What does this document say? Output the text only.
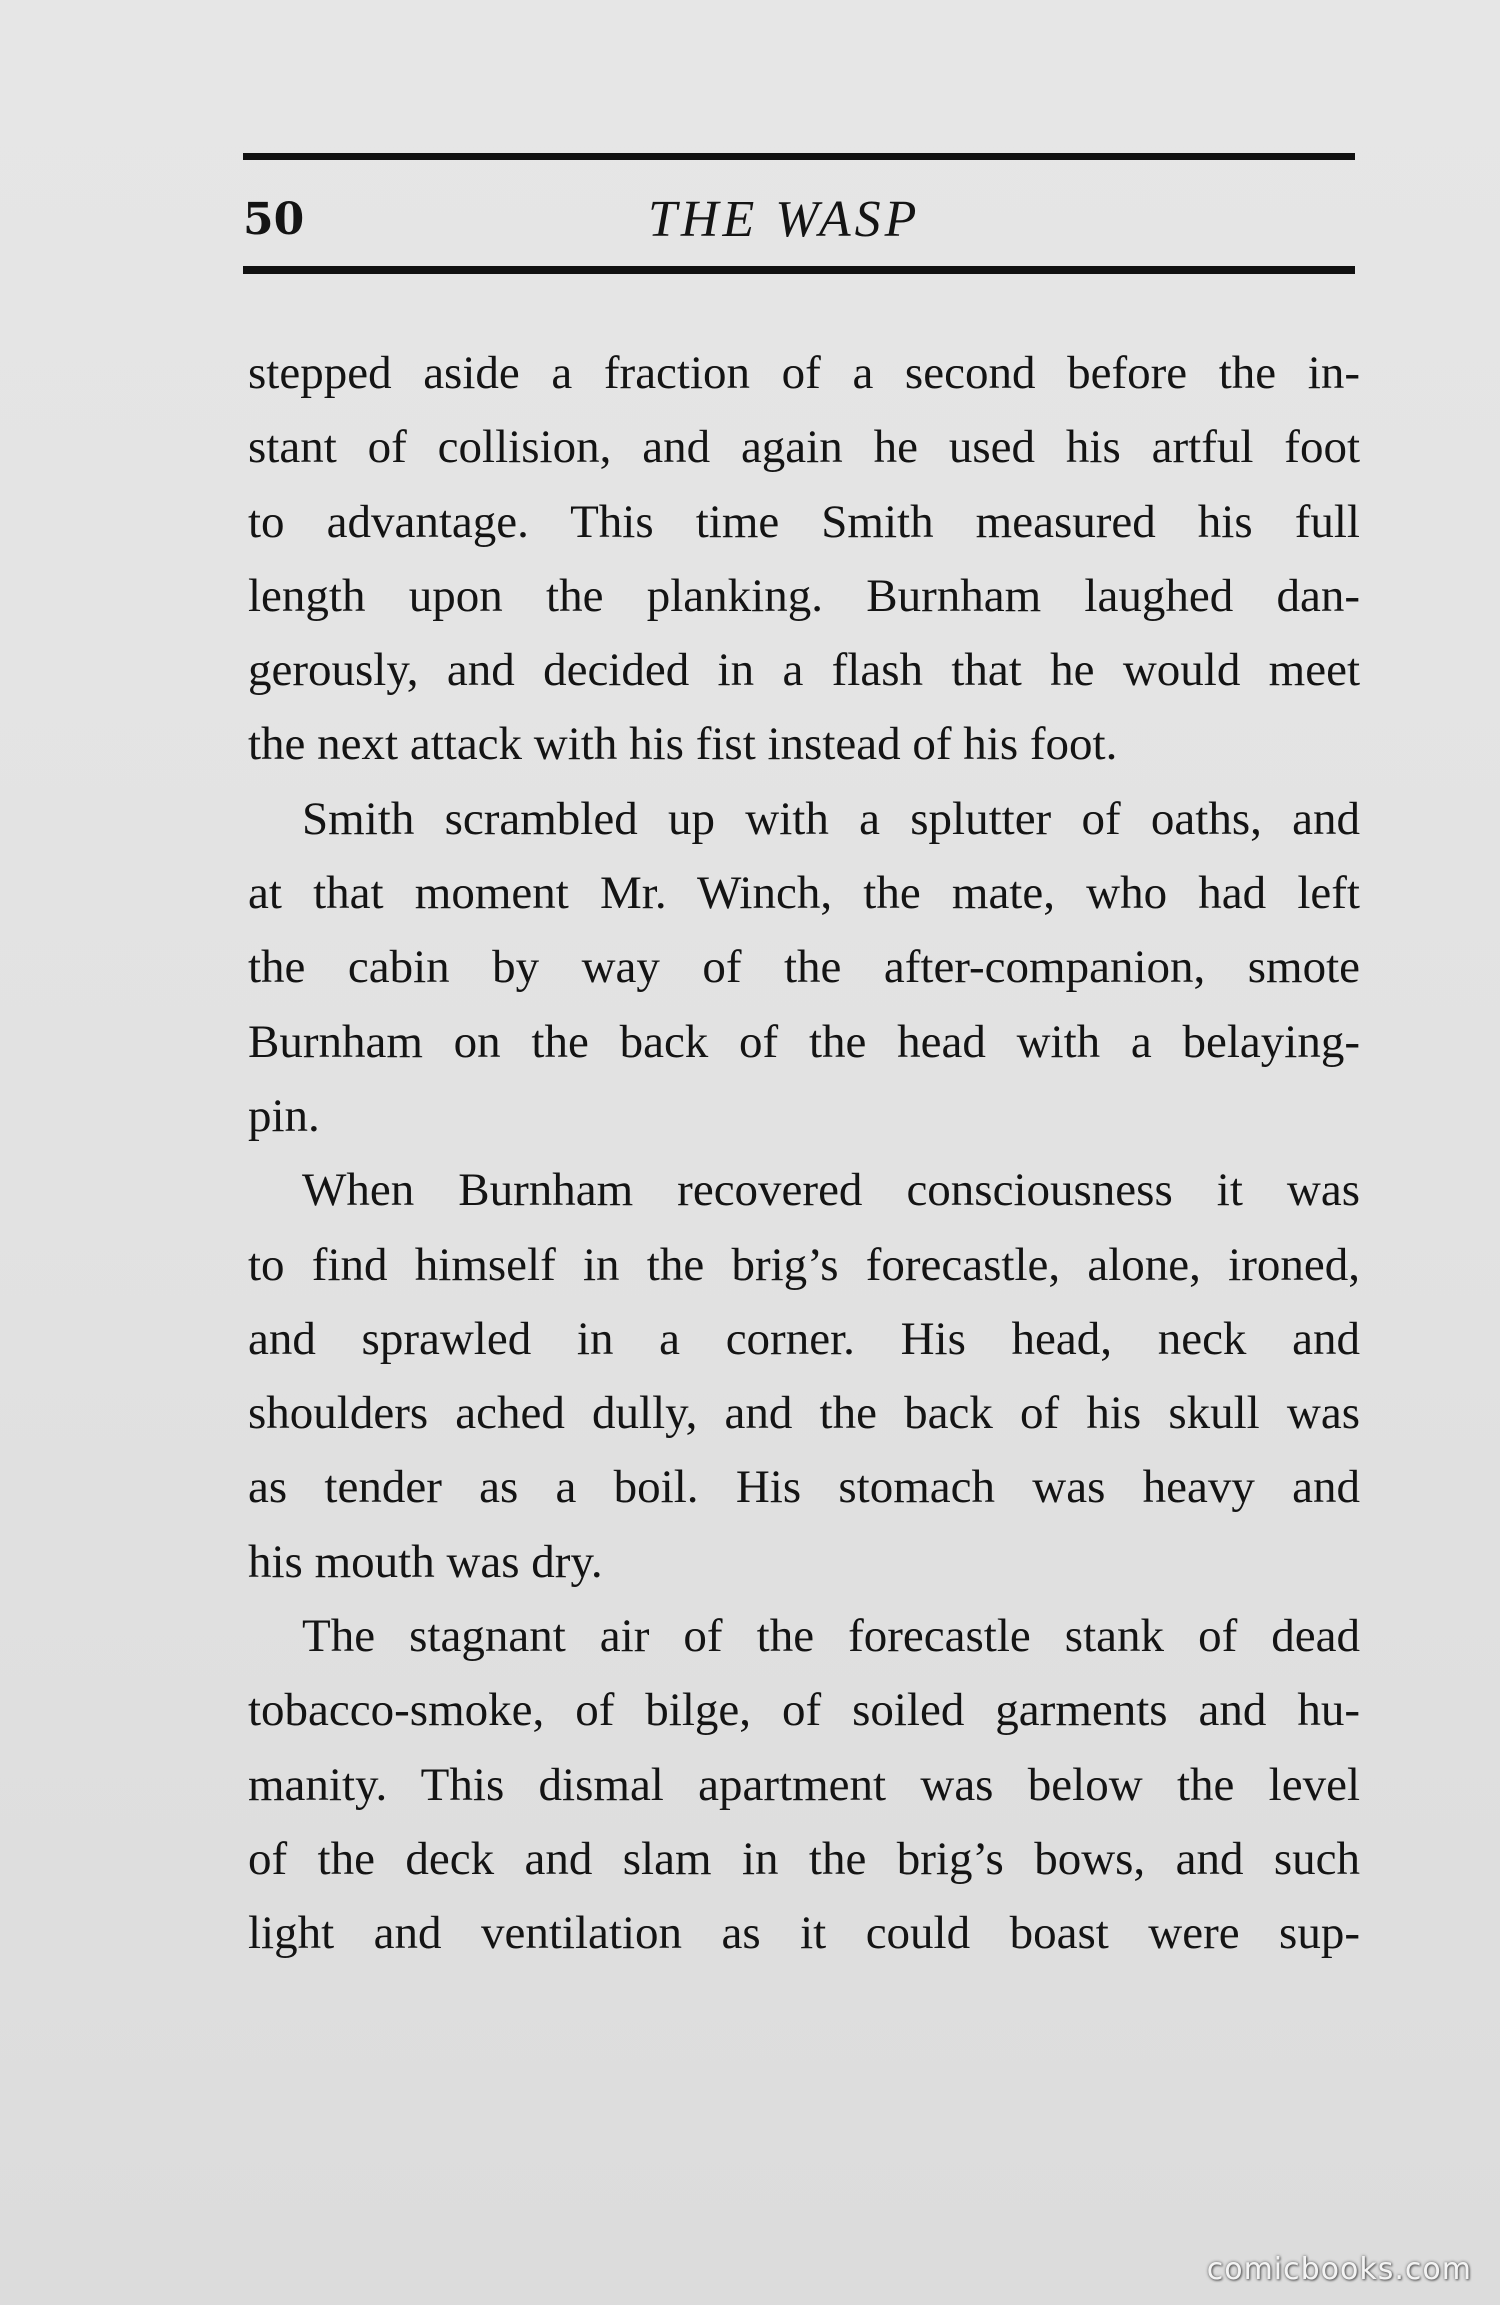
50	THE WASP
stepped aside a fraction of a second before the in-
stant of collision, and again he used his artful foot
to advantage. This time Smith measured his full
length upon the planking. Burnham laughed dan-
gerously, and decided in a flash that he would meet
the next attack with his fist instead of his foot.
Smith scrambled up with a splutter of oaths, and
at that moment Mr. Winch, the mate, who had left
the cabin by way of the after-companion, smote
Burnham on the back of the head with a belaying-
pin.
When Burnham recovered consciousness it was
to find himself in the brig’s forecastle, alone, ironed,
and sprawled in a corner. His head, neck and
shoulders ached dully, and the back of his skull was
as tender as a boil. His stomach was heavy and
his mouth was dry.
The stagnant air of the forecastle stank of dead
tobacco-smoke, of bilge, of soiled garments and hu-
manity. This dismal apartment was below the level
of the deck and slam in the brig’s bows, and such
light and ventilation as it could boast were sup-
comicbooks.com
